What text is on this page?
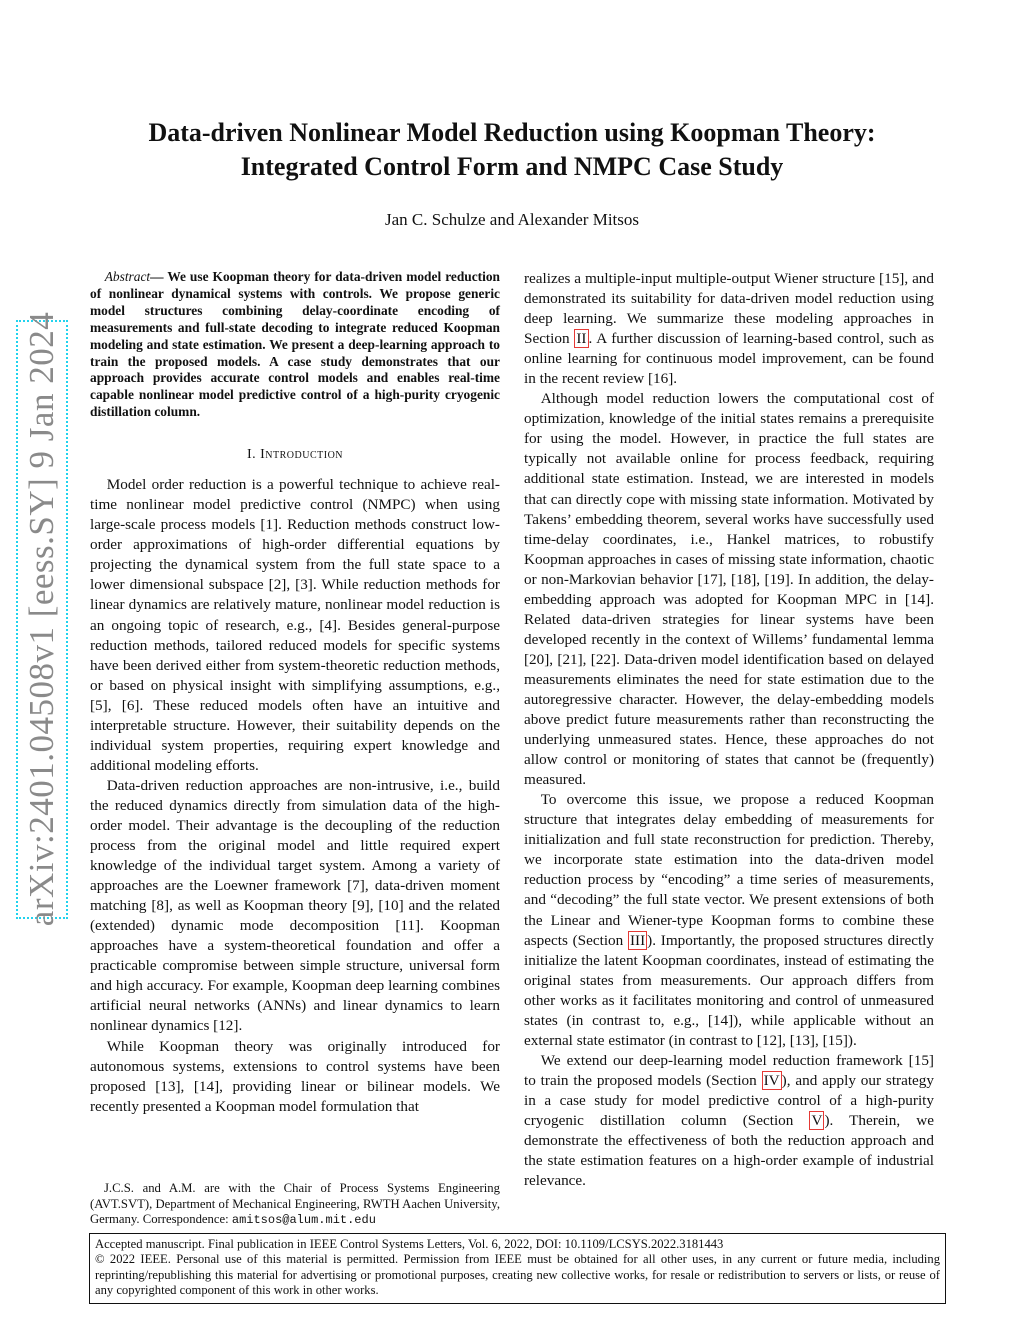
Data-driven Nonlinear Model Reduction using Koopman Theory:
Integrated Control Form and NMPC Case Study
Jan C. Schulze and Alexander Mitsos
arXiv:2401.04508v1 [eess.SY] 9 Jan 2024

Abstract— We use Koopman theory for data-driven model reduction of nonlinear dynamical systems with controls. We propose generic model structures combining delay-coordinate encoding of measurements and full-state decoding to integrate reduced Koopman modeling and state estimation. We present a deep-learning approach to train the proposed models. A case study demonstrates that our approach provides accurate control models and enables real-time capable nonlinear model predictive control of a high-purity cryogenic distillation column.

I. Introduction

Model order reduction is a powerful technique to achieve real-time nonlinear model predictive control (NMPC) when using large-scale process models [1]. Reduction methods construct low-order approximations of high-order differential equations by projecting the dynamical system from the full state space to a lower dimensional subspace [2], [3]. While reduction methods for linear dynamics are relatively mature, nonlinear model reduction is an ongoing topic of research, e.g., [4]. Besides general-purpose reduction methods, tailored reduced models for specific systems have been derived either from system-theoretic reduction methods, or based on physical insight with simplifying assumptions, e.g., [5], [6]. These reduced models often have an intuitive and interpretable structure. However, their suitability depends on the individual system properties, requiring expert knowledge and additional modeling efforts.

Data-driven reduction approaches are non-intrusive, i.e., build the reduced dynamics directly from simulation data of the high-order model. Their advantage is the decoupling of the reduction process from the original model and little required expert knowledge of the individual target system. Among a variety of approaches are the Loewner framework [7], data-driven moment matching [8], as well as Koopman theory [9], [10] and the related (extended) dynamic mode decomposition [11]. Koopman approaches have a system-theoretical foundation and offer a practicable compromise between simple structure, universal form and high accuracy. For example, Koopman deep learning combines artificial neural networks (ANNs) and linear dynamics to learn nonlinear dynamics [12].

While Koopman theory was originally introduced for autonomous systems, extensions to control systems have been proposed [13], [14], providing linear or bilinear models. We recently presented a Koopman model formulation that

J.C.S. and A.M. are with the Chair of Process Systems Engineering (AVT.SVT), Department of Mechanical Engineering, RWTH Aachen University, Germany. Correspondence: amitsos@alum.mit.edu

realizes a multiple-input multiple-output Wiener structure [15], and demonstrated its suitability for data-driven model reduction using deep learning. We summarize these modeling approaches in Section II . A further discussion of learning-based control, such as online learning for continuous model improvement, can be found in the recent review [16].

Although model reduction lowers the computational cost of optimization, knowledge of the initial states remains a prerequisite for using the model. However, in practice the full states are typically not available online for process feedback, requiring additional state estimation. Instead, we are interested in models that can directly cope with missing state information. Motivated by Takens’ embedding theorem, several works have successfully used time-delay coordinates, i.e., Hankel matrices, to robustify Koopman approaches in cases of missing state information, chaotic or non-Markovian behavior [17], [18], [19]. In addition, the delay-embedding approach was adopted for Koopman MPC in [14]. Related data-driven strategies for linear systems have been developed recently in the context of Willems’ fundamental lemma [20], [21], [22]. Data-driven model identification based on delayed measurements eliminates the need for state estimation due to the autoregressive character. However, the delay-embedding models above predict future measurements rather than reconstructing the underlying unmeasured states. Hence, these approaches do not allow control or monitoring of states that cannot be (frequently) measured.

To overcome this issue, we propose a reduced Koopman structure that integrates delay embedding of measurements for initialization and full state reconstruction for prediction. Thereby, we incorporate state estimation into the data-driven model reduction process by “encoding” a time series of measurements, and “decoding” the full state vector. We present extensions of both the Linear and Wiener-type Koopman forms to combine these aspects (Section III ). Importantly, the proposed structures directly initialize the latent Koopman coordinates, instead of estimating the original states from measurements. Our approach differs from other works as it facilitates monitoring and control of unmeasured states (in contrast to, e.g., [14]), while applicable without an external state estimator (in contrast to [12], [13], [15]).

We extend our deep-learning model reduction framework [15] to train the proposed models (Section IV ), and apply our strategy in a case study for model predictive control of a high-purity cryogenic distillation column (Section V ). Therein, we demonstrate the effectiveness of both the reduction approach and the state estimation features on a high-order example of industrial relevance.

Accepted manuscript. Final publication in IEEE Control Systems Letters, Vol. 6, 2022, DOI: 10.1109/LCSYS.2022.3181443
© 2022 IEEE. Personal use of this material is permitted. Permission from IEEE must be obtained for all other uses, in any current or future media, including reprinting/republishing this material for advertising or promotional purposes, creating new collective works, for resale or redistribution to servers or lists, or reuse of any copyrighted component of this work in other works.
